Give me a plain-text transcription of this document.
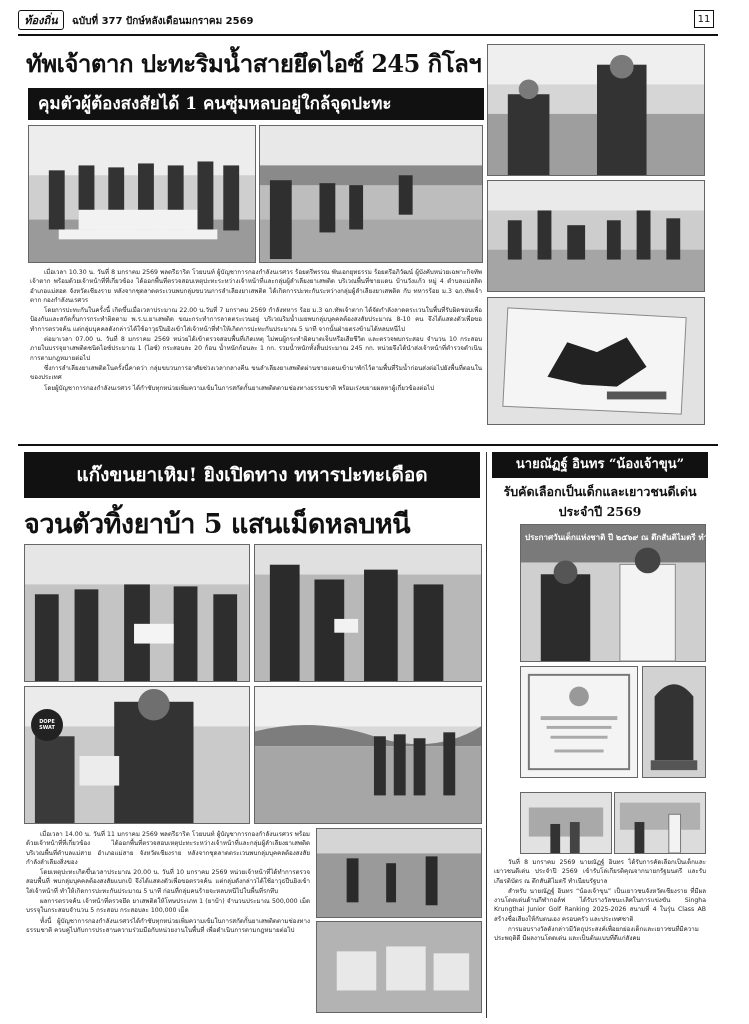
ท้องถิ่น	ฉบับที่ 377 ปักษ์หลังเดือนมกราคม 2569	11
ทัพเจ้าตาก ปะทะริมน้ำสายยึดไอซ์ 245 กิโลฯ
คุมตัวผู้ต้องสงสัยได้ 1 คนซุ่มหลบอยู่ใกล้จุดปะทะ

เมื่อเวลา 10.30 น. วันที่ 8 มกราคม 2569 พลตรีธาริต โวยบนท์ ผู้บัญชาการกองกำลังนเรศวร ร้อยตรีพรรณ พันเอกยุทธรรม ร้อยตรีอภิวัฒน์ ผู้บังคับหน่วยเฉพาะกิจทัพเจ้าตาก พร้อมด้วยเจ้าหน้าที่ที่เกี่ยวข้อง ได้ออกพื้นที่ตรวจสอบเหตุปะทะระหว่างเจ้าหน้าที่และกลุ่มผู้ลำเลียงยาเสพติด บริเวณพื้นที่ชายแดน บ้านวังแก้ว หมู่ 4 ตำบลแม่สลิด อำเภอแม่สอด จังหวัดเชียงราย หลังจากชุดลาดตระเวนพบกลุ่มขบวนการลำเลียงยาเสพติด ได้เกิดการปะทะกันระหว่างกลุ่มผู้ลำเลียงยาเสพติด กับ ทหารร้อย ม.3 ฉก.ทัพเจ้าตาก กองกำลังนเรศวร

โดยการปะทะกันในครั้งนี้ เกิดขึ้นเมื่อเวลาประมาณ 22.00 น.วันที่ 7 มกราคม 2569 กำลังทหาร ร้อย ม.3 ฉก.ทัพเจ้าตาก ได้จัดกำลังลาดตระเวนในพื้นที่รับผิดชอบเพื่อป้องกันและสกัดกั้นการกระทำผิดตาม พ.ร.บ.ยาเสพติด ขณะกระทำการลาดตระเวนอยู่ บริเวณริมน้ำเมยพบกลุ่มบุคคลต้องสงสัยประมาณ 8-10 คน จึงได้แสดงตัวเพื่อขอทำการตรวจค้น แต่กลุ่มบุคคลดังกล่าวได้ใช้อาวุธปืนยิงเข้าใส่เจ้าหน้าที่ทำให้เกิดการปะทะกันประมาณ 5 นาที จากนั้นฝ่ายตรงข้ามได้หลบหนีไป

ต่อมาเวลา 07.00 น. วันที่ 8 มกราคม 2569 หน่วยได้เข้าตรวจสอบพื้นที่เกิดเหตุ ไม่พบผู้กระทำผิดบาดเจ็บหรือเสียชีวิต และตรวจพบกระสอบ จำนวน 10 กระสอบ ภายในบรรจุยาเสพติดชนิดไอซ์ประมาณ 1 (ไอซ์) กระสอบละ 20 ก้อน น้ำหนักก้อนละ 1 กก. รวมน้ำหนักทั้งสิ้นประมาณ 245 กก. หน่วยจึงได้นำส่งเจ้าหน้าที่ตำรวจดำเนินการตามกฎหมายต่อไป

ซึ่งการลำเลียงยาเสพติดในครั้งนี้คาดว่า กลุ่มขบวนการอาศัยช่วงเวลากลางคืน ขนลำเลียงยาเสพติดผ่านชายแดนเข้ามาพักไว้ตามพื้นที่ริมน้ำก่อนส่งต่อไปยังพื้นที่ตอนในของประเทศ

โดยผู้บัญชาการกองกำลังนเรศวร ได้กำชับทุกหน่วยเพิ่มความเข้มในการสกัดกั้นยาเสพติดตามช่องทางธรรมชาติ พร้อมเร่งขยายผลหาผู้เกี่ยวข้องต่อไป

แก๊งขนยาเหิม! ยิงเปิดทาง ทหารปะทะเดือด
จวนตัวทิ้งยาบ้า 5 แสนเม็ดหลบหนี
DOPE SWAT

เมื่อเวลา 14.00 น. วันที่ 11 มกราคม 2569 พลตรีธาริต โวยบนท์ ผู้บัญชาการกองกำลังนเรศวร พร้อมด้วยเจ้าหน้าที่ที่เกี่ยวข้อง ได้ออกพื้นที่ตรวจสอบเหตุปะทะระหว่างเจ้าหน้าที่และกลุ่มผู้ลำเลียงยาเสพติด บริเวณพื้นที่ตำบลแม่สาย อำเภอแม่สาย จังหวัดเชียงราย หลังจากชุดลาดตระเวนพบกลุ่มบุคคลต้องสงสัยกำลังลำเลียงสิ่งของ

โดยเหตุปะทะเกิดขึ้นเวลาประมาณ 20.00 น. วันที่ 10 มกราคม 2569 หน่วยเจ้าหน้าที่ได้ทำการตรวจสอบพื้นที่ พบกลุ่มบุคคลต้องสงสัยแบกเป้ จึงได้แสดงตัวเพื่อขอตรวจค้น แต่กลุ่มดังกล่าวได้ใช้อาวุธปืนยิงเข้าใส่เจ้าหน้าที่ ทำให้เกิดการปะทะกันประมาณ 5 นาที ก่อนที่กลุ่มคนร้ายจะหลบหนีไปในพื้นที่รกทึบ

ผลการตรวจค้น เจ้าหน้าที่ตรวจยึด ยาเสพติดให้โทษประเภท 1 (ยาบ้า) จำนวนประมาณ 500,000 เม็ด บรรจุในกระสอบจำนวน 5 กระสอบ กระสอบละ 100,000 เม็ด

ทั้งนี้ ผู้บัญชาการกองกำลังนเรศวรได้กำชับทุกหน่วยเพิ่มความเข้มในการสกัดกั้นยาเสพติดตามช่องทางธรรมชาติ ควบคู่ไปกับการประสานความร่วมมือกับหน่วยงานในพื้นที่ เพื่อดำเนินการตามกฎหมายต่อไป

นายณัฏฐ์ อินทร “น้องเจ้าขุน”
รับคัดเลือกเป็นเด็กและเยาวชนดีเด่น
ประจำปี 2569
ประกาศวันเด็กแห่งชาติ ปี ๒๕๖๙ ณ ตึกสันติไมตรี ทำเนียบรัฐบาล

วันที่ 8 มกราคม 2569 นายณัฏฐ์ อินทร ได้รับการคัดเลือกเป็นเด็กและเยาวชนดีเด่น ประจำปี 2569 เข้ารับโล่เกียรติคุณจากนายกรัฐมนตรี และรับเกียรติบัตร ณ ตึกสันติไมตรี ทำเนียบรัฐบาล

สำหรับ นายณัฏฐ์ อินทร “น้องเจ้าขุน” เป็นเยาวชนจังหวัดเชียงราย ที่มีผลงานโดดเด่นด้านกีฬากอล์ฟ ได้รับรางวัลชนะเลิศในการแข่งขัน Singha Krungthai Junior Golf Ranking 2025-2026 สนามที่ 4 ในรุ่น Class AB สร้างชื่อเสียงให้กับตนเอง ครอบครัว และประเทศชาติ

การมอบรางวัลดังกล่าวมีวัตถุประสงค์เพื่อยกย่องเด็กและเยาวชนที่มีความประพฤติดี มีผลงานโดดเด่น และเป็นต้นแบบที่ดีแก่สังคม
